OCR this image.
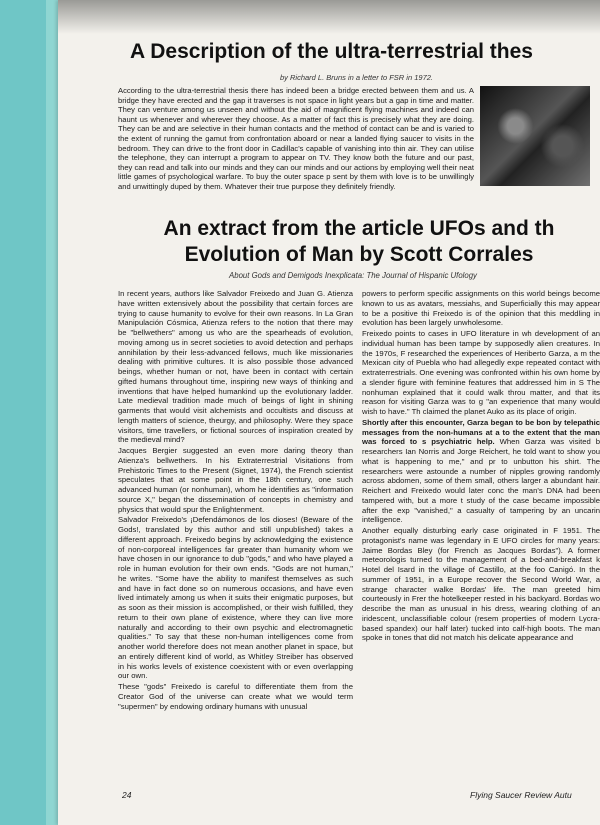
A Description of the ultra-terrestrial thes
by Richard L. Bruns in a letter to FSR in 1972.
According to the ultra-terrestrial thesis there has indeed been a bridge erected between them and us. A bridge they have erected and the gap it traverses is not space in light years but a gap in time and matter. They can venture among us unseen and without the aid of magnificent flying machines and indeed can haunt us whenever and wherever they choose. As a matter of fact this is precisely what they are doing. They can be and are selective in their human contacts and the method of contact can be and is varied to the extent of running the gamut from confrontation aboard or near a landed flying saucer to visits in the bedroom. They can drive to the front door in Cadillac's capable of vanishing into thin air. They can utilise the telephone, they can interrupt a program to appear on TV. They know both the future and our past, they can read and talk into our minds and they can our minds and our actions by employing well their neat little games of psychological warfare. To buy the outer space p sent by them with love is to be unwillingly and unwittingly duped by them. Whatever their true purpose they definitely friendly.
An extract from the article UFOs and th
Evolution of Man by Scott Corrales
About Gods and Demigods Inexplicata: The Journal of Hispanic Ufology

In recent years, authors like Salvador Freixedo and Juan G. Atienza have written extensively about the possibility that certain forces are trying to cause humanity to evolve for their own reasons. In La Gran Manipulación Cósmica, Atienza refers to the notion that there may be "bellwethers" among us who are the spearheads of evolution, moving among us in secret societies to avoid detection and perhaps annihilation by their less-advanced fellows, much like missionaries dealing with primitive cultures. It is also possible those advanced beings, whether human or not, have been in contact with certain gifted humans throughout time, inspiring new ways of thinking and inventions that have helped humankind up the evolutionary ladder. Late medieval tradition made much of beings of light in shining garments that would visit alchemists and occultists and discuss at length matters of science, theurgy, and philosophy. Were they space visitors, time travellers, or fictional sources of inspiration created by the medieval mind?

Jacques Bergier suggested an even more daring theory than Atienza's bellwethers. In his Extraterrestrial Visitations from Prehistoric Times to the Present (Signet, 1974), the French scientist speculates that at some point in the 18th century, one such advanced human (or nonhuman), whom he identifies as "information source X," began the dissemination of concepts in chemistry and physics that would spur the Enlightenment.

Salvador Freixedo's ¡Defendámonos de los dioses! (Beware of the Gods!, translated by this author and still unpublished) takes a different approach. Freixedo begins by acknowledging the existence of non-corporeal intelligences far greater than humanity whom we have chosen in our ignorance to dub "gods," and who have played a role in human evolution for their own ends. "Gods are not human," he writes. "Some have the ability to manifest themselves as such and have in fact done so on numerous occasions, and have even lived intimately among us when it suits their enigmatic purposes, but as soon as their mission is accomplished, or their wish fulfilled, they return to their own plane of existence, where they can live more naturally and according to their own psychic and electromagnetic qualities." To say that these non-human intelligences come from another world therefore does not mean another planet in space, but an entirely different kind of world, as Whitley Streiber has observed in his works levels of existence coexistent with or even overlapping our own.

These "gods" Freixedo is careful to differentiate them from the Creator God of the universe can create what we would term "supermen" by endowing ordinary humans with unusual

powers to perform specific assignments on this world beings become known to us as avatars, messiahs, and Superficially this may appear to be a positive thi Freixedo is of the opinion that this meddling in evolution has been largely unwholesome.

Freixedo points to cases in UFO literature in wh development of an individual human has been tampe by supposedly alien creatures. In the 1970s, F researched the experiences of Heriberto Garza, a m the Mexican city of Puebla who had allegedly expe repeated contact with extraterrestrials. One evening was confronted within his own home by a slender figure with feminine features that addressed him in S The nonhuman explained that it could walk throu matter, and that its reason for visiting Garza was to g "an experience that many would wish to have." Th claimed the planet Auko as its place of origin.

Shortly after this encounter, Garza began to be bon by telepathic messages from the non-humans at a to the extent that the man was forced to s psychiatric help. When Garza was visited b researchers Ian Norris and Jorge Reichert, he told want to show you what is happening to me," and pr to unbutton his shirt. The researchers were astounde a number of nipples growing randomly across abdomen, some of them small, others larger a abundant hair. Reichert and Freixedo would later conc the man's DNA had been tampered with, but a more t study of the case became impossible after the exp "vanished," a casualty of tampering by an uncarin intelligence.

Another equally disturbing early case originated in F 1951. The protagonist's name was legendary in E UFO circles for many years: Jaime Bordas Bley (for French as Jacques Bordas"). A former meteorologis turned to the management of a bed-and-breakfast k Hotel del Isard in the village of Castillo, at the foo Canigó. In the summer of 1951, in a Europe recover the Second World War, a strange character walke Bordas' life. The man greeted him courteously in Frer the hotelkeeper rested in his backyard. Bordas wo describe the man as unusual in his dress, wearing clothing of an iridescent, unclassifiable colour (resem properties of modern Lycra-based spandex) our half later) tucked into calf-high boots. The man spoke in tones that did not match his delicate appearance and

24	Flying Saucer Review Autu
